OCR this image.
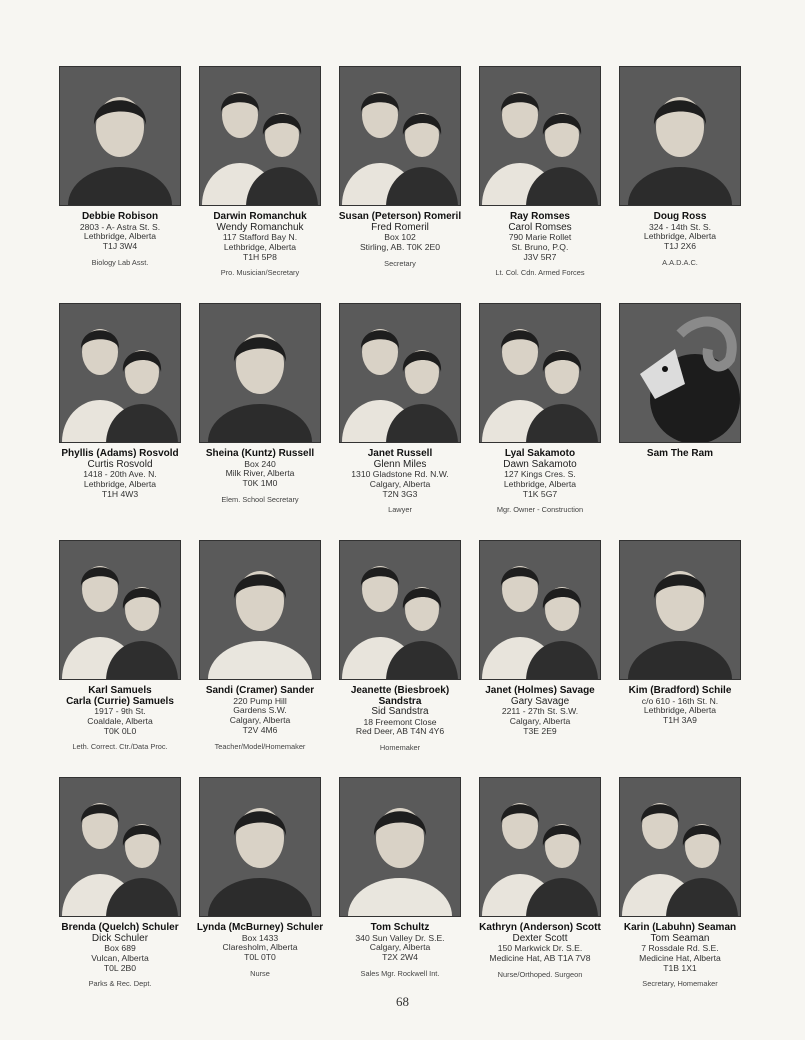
Debbie Robison
2803 - A- Astra St. S.
Lethbridge, Alberta
T1J 3W4
Biology Lab Asst.
Darwin Romanchuk
Wendy Romanchuk
117 Stafford Bay N.
Lethbridge, Alberta
T1H 5P8
Pro. Musician/Secretary
Susan (Peterson) Romeril
Fred Romeril
Box 102
Stirling, AB. T0K 2E0
Secretary
Ray Romses
Carol Romses
790 Marie Rollet
St. Bruno, P.Q.
J3V 5R7
Lt. Col. Cdn. Armed Forces
Doug Ross
324 - 14th St. S.
Lethbridge, Alberta
T1J 2X6
A.A.D.A.C.
Phyllis (Adams) Rosvold
Curtis Rosvold
1418 - 20th Ave. N.
Lethbridge, Alberta
T1H 4W3
Sheina (Kuntz) Russell
Box 240
Milk River, Alberta
T0K 1M0
Elem. School Secretary
Janet Russell
Glenn Miles
1310 Gladstone Rd. N.W.
Calgary, Alberta
T2N 3G3
Lawyer
Lyal Sakamoto
Dawn Sakamoto
127 Kings Cres. S.
Lethbridge, Alberta
T1K 5G7
Mgr. Owner - Construction
Sam The Ram
Karl Samuels
Carla (Currie) Samuels
1917 - 9th St.
Coaldale, Alberta
T0K 0L0
Leth. Correct. Ctr./Data Proc.
Sandi (Cramer) Sander
220 Pump Hill
Gardens S.W.
Calgary, Alberta
T2V 4M6
Teacher/Model/Homemaker
Jeanette (Biesbroek) Sandstra
Sid Sandstra
18 Freemont Close
Red Deer, AB T4N 4Y6
Homemaker
Janet (Holmes) Savage
Gary Savage
2211 - 27th St. S.W.
Calgary, Alberta
T3E 2E9
Kim (Bradford) Schile
c/o 610 - 16th St. N.
Lethbridge, Alberta
T1H 3A9
Brenda (Quelch) Schuler
Dick Schuler
Box 689
Vulcan, Alberta
T0L 2B0
Parks & Rec. Dept.
Lynda (McBurney) Schuler
Box 1433
Claresholm, Alberta
T0L 0T0
Nurse
Tom Schultz
340 Sun Valley Dr. S.E.
Calgary, Alberta
T2X 2W4
Sales Mgr. Rockwell Int.
Kathryn (Anderson) Scott
Dexter Scott
150 Markwick Dr. S.E.
Medicine Hat, AB T1A 7V8
Nurse/Orthoped. Surgeon
Karin (Labuhn) Seaman
Tom Seaman
7 Rossdale Rd. S.E.
Medicine Hat, Alberta
T1B 1X1
Secretary, Homemaker
68
